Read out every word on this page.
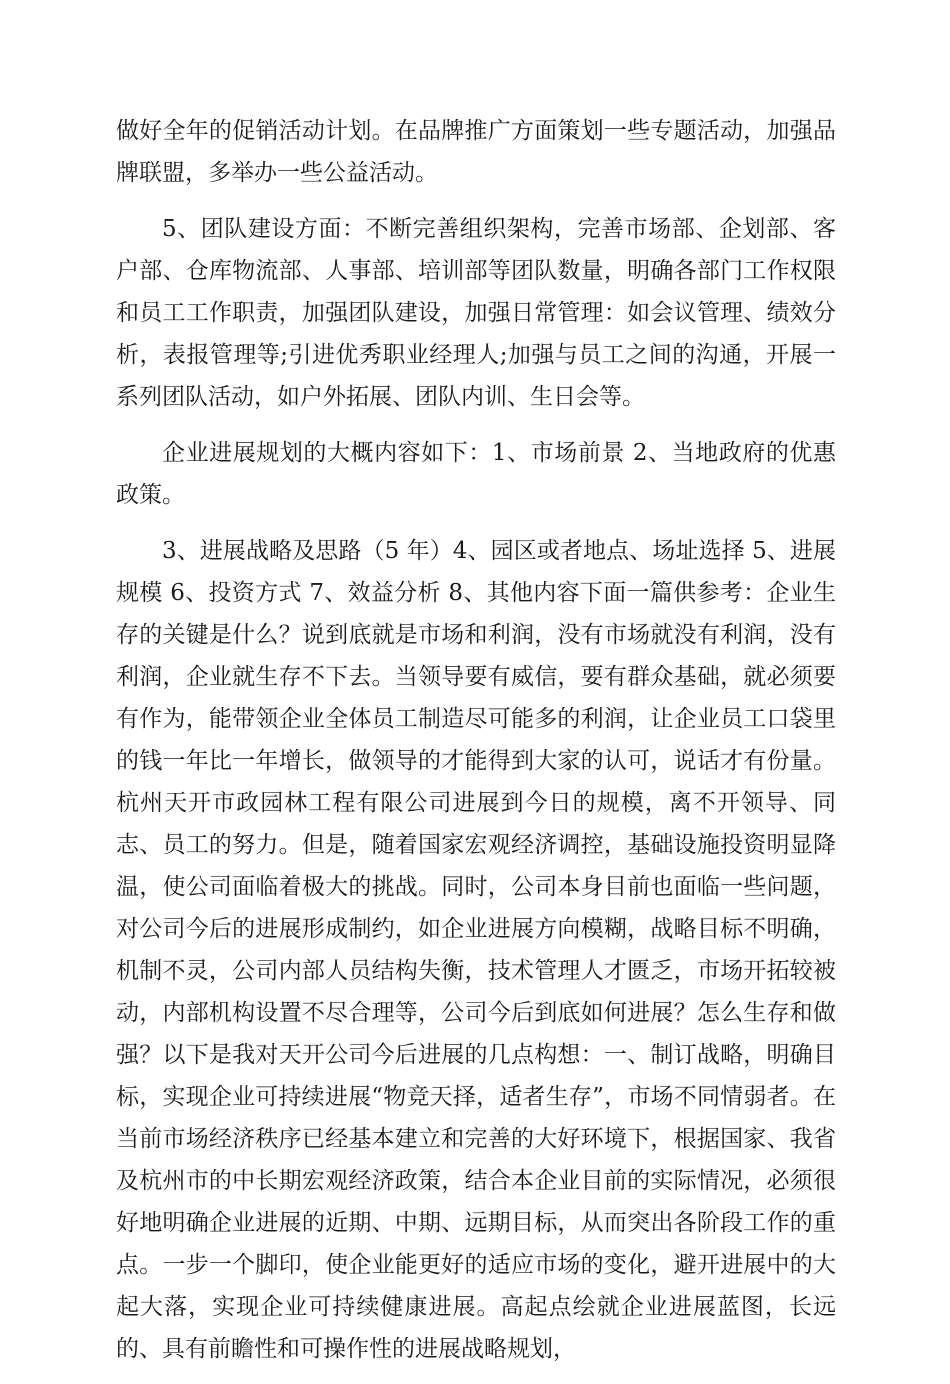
做好全年的促销活动计划。在品牌推广方面策划一些专题活动，加强品牌联盟，多举办一些公益活动。

5、团队建设方面：不断完善组织架构，完善市场部、企划部、客户部、仓库物流部、人事部、培训部等团队数量，明确各部门工作权限和员工工作职责，加强团队建设，加强日常管理：如会议管理、绩效分析，表报管理等;引进优秀职业经理人;加强与员工之间的沟通，开展一系列团队活动，如户外拓展、团队内训、生日会等。

企业进展规划的大概内容如下：1、市场前景 2、当地政府的优惠政策。

3、进展战略及思路（5 年）4、园区或者地点、场址选择 5、进展规模 6、投资方式 7、效益分析 8、其他内容下面一篇供参考：企业生存的关键是什么？说到底就是市场和利润，没有市场就没有利润，没有利润，企业就生存不下去。当领导要有威信，要有群众基础，就必须要有作为，能带领企业全体员工制造尽可能多的利润，让企业员工口袋里的钱一年比一年增长，做领导的才能得到大家的认可，说话才有份量。杭州天开市政园林工程有限公司进展到今日的规模，离不开领导、同志、员工的努力。但是，随着国家宏观经济调控，基础设施投资明显降温，使公司面临着极大的挑战。同时，公司本身目前也面临一些问题，对公司今后的进展形成制约，如企业进展方向模糊，战略目标不明确，机制不灵，公司内部人员结构失衡，技术管理人才匮乏，市场开拓较被动，内部机构设置不尽合理等，公司今后到底如何进展？怎么生存和做强？以下是我对天开公司今后进展的几点构想：一、制订战略，明确目标，实现企业可持续进展“物竞天择，适者生存”，市场不同情弱者。在当前市场经济秩序已经基本建立和完善的大好环境下，根据国家、我省及杭州市的中长期宏观经济政策，结合本企业目前的实际情况，必须很好地明确企业进展的近期、中期、远期目标，从而突出各阶段工作的重点。一步一个脚印，使企业能更好的适应市场的变化，避开进展中的大起大落，实现企业可持续健康进展。高起点绘就企业进展蓝图，长远的、具有前瞻性和可操作性的进展战略规划，
